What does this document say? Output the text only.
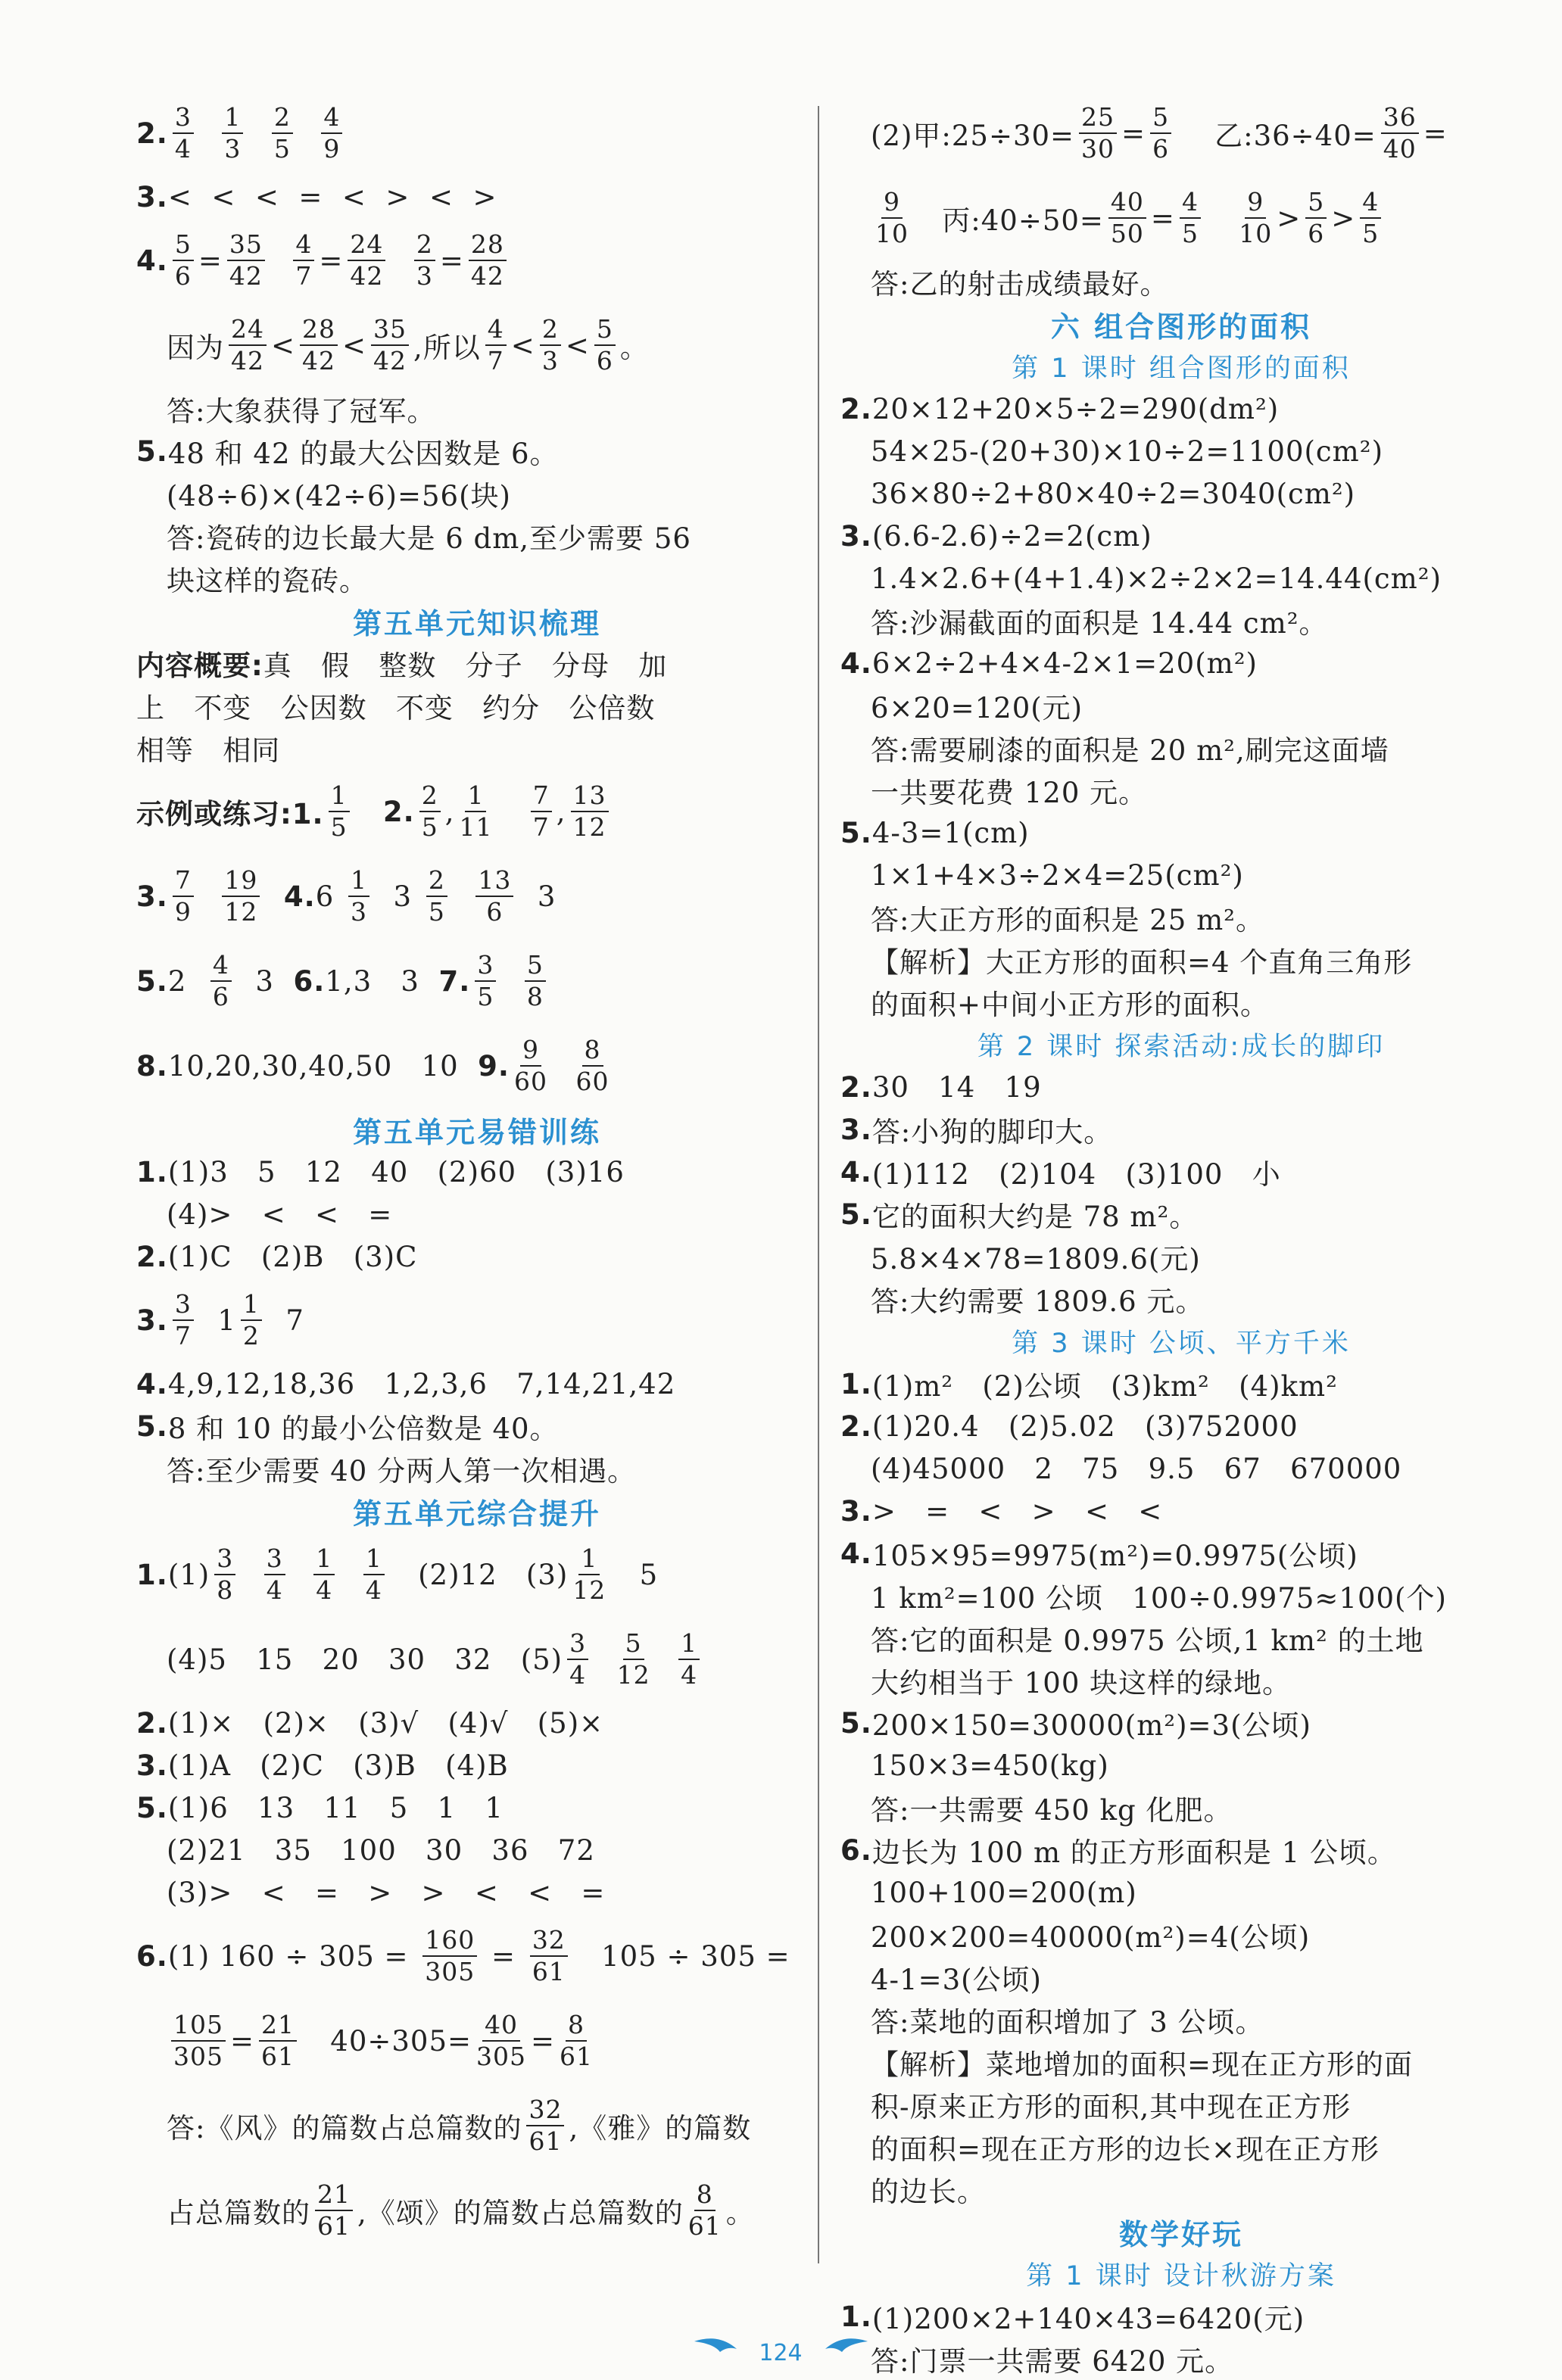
2. $\frac{3}{4}$
$\frac{1}{3}$
$\frac{2}{5}$
$\frac{4}{9}$
3. <  <  <  =  <  >  <  >
4. $\frac{5}{6} = \frac{35}{42}$
$\frac{4}{7} = \frac{24}{42}$
$\frac{2}{3} = \frac{28}{42}$
因为 $\frac{24}{42} < \frac{28}{42} < \frac{35}{42}$ ,所以 $\frac{4}{7} < \frac{2}{3} < \frac{5}{6}$ 。
答:大象获得了冠军。
5. 48 和 42 的最大公因数是 6。
(48÷6)×(42÷6)=56(块)
答:瓷砖的边长最大是 6 dm,至少需要 56
块这样的瓷砖。
第五单元知识梳理
内容概要: 真   假   整数   分子   分母   加
上   不变   公因数   不变   约分   公倍数
相等   相同
示例或练习:1. $\frac{1}{5}$
2. $\frac{2}{5}$ , $\frac{1}{11}$
$\frac{7}{7}$ , $\frac{13}{12}$
3. $\frac{7}{9}$
$\frac{19}{12}$
4. $6 \frac{1}{3} 3 \frac{2}{5}$
$\frac{13}{6} 3$
5. $2 \frac{4}{6} 3$ 6. 1,3   3 7. $\frac{3}{5}$
$\frac{5}{8}$
8. 10,20,30,40,50   10 9. $\frac{9}{60}$
$\frac{8}{60}$
第五单元易错训练
1. (1)3   5   12   40   (2)60   (3)16
(4)>   <   <   =
2. (1)C   (2)B   (3)C
3. $\frac{3}{7} 1 \frac{1}{2} 7$
4. 4,9,12,18,36   1,2,3,6   7,14,21,42
5. 8 和 10 的最小公倍数是 40。
答:至少需要 40 分两人第一次相遇。
第五单元综合提升
1. $(1) \frac{3}{8}$
$\frac{3}{4}$
$\frac{1}{4}$
$\frac{1}{4} (2)12$   $(3) \frac{1}{12} 5$
(4)5   15   20   30   32   $(5) \frac{3}{4}$
$\frac{5}{12}$
$\frac{1}{4}$
2. (1)×   (2)×   (3)√   (4)√   (5)×
3. (1)A   (2)C   (3)B   (4)B
5. (1)6   13   11   5   1   1
(2)21   35   100   30   36   72
(3)>   <   =   >   >   <   <   =
6. (1) $160 \div 305 = \frac{160}{305} = \frac{32}{61} 105 \div 305$ =
$\frac{105}{305} = \frac{21}{61} 40\div 305= \frac{40}{305} = \frac{8}{61}$
答:《风》的篇数占总篇数的 $\frac{32}{61}$ ,《雅》的篇数
占总篇数的 $\frac{21}{61}$ ,《颂》的篇数占总篇数的 $\frac{8}{61}$ 。
(2)甲:25÷30= $\frac{25}{30} = \frac{5}{6}$ 乙:36÷40= $\frac{36}{40}$ =
$\frac{9}{10}$ 丙:40÷50= $\frac{40}{50} = \frac{4}{5}$
$\frac{9}{10} > \frac{5}{6} > \frac{4}{5}$
答:乙的射击成绩最好。
六 组合图形的面积
第 1 课时 组合图形的面积
2. 20×12+20×5÷2=290(dm²)
54×25-(20+30)×10÷2=1100(cm²)
36×80÷2+80×40÷2=3040(cm²)
3. (6.6-2.6)÷2=2(cm)
1.4×2.6+(4+1.4)×2÷2×2=14.44(cm²)
答:沙漏截面的面积是 14.44 cm²。
4. 6×2÷2+4×4-2×1=20(m²)
6×20=120(元)
答:需要刷漆的面积是 20 m²,刷完这面墙
一共要花费 120 元。
5. 4-3=1(cm)
1×1+4×3÷2×4=25(cm²)
答:大正方形的面积是 25 m²。
【解析】大正方形的面积=4 个直角三角形
的面积+中间小正方形的面积。
第 2 课时 探索活动:成长的脚印
2. 30   14   19
3. 答:小狗的脚印大。
4. (1)112   (2)104   (3)100   小
5. 它的面积大约是 78 m²。
5.8×4×78=1809.6(元)
答:大约需要 1809.6 元。
第 3 课时 公顷、平方千米
1. (1)m²   (2)公顷   (3)km²   (4)km²
2. (1)20.4   (2)5.02   (3)752000
(4)45000   2   75   9.5   67   670000
3. >   =   <   >   <   <
4. 105×95=9975(m²)=0.9975(公顷)
1 km²=100 公顷   100÷0.9975≈100(个)
答:它的面积是 0.9975 公顷,1 km² 的土地
大约相当于 100 块这样的绿地。
5. 200×150=30000(m²)=3(公顷)
150×3=450(kg)
答:一共需要 450 kg 化肥。
6. 边长为 100 m 的正方形面积是 1 公顷。
100+100=200(m)
200×200=40000(m²)=4(公顷)
4-1=3(公顷)
答:菜地的面积增加了 3 公顷。
【解析】菜地增加的面积=现在正方形的面
积-原来正方形的面积,其中现在正方形
的面积=现在正方形的边长×现在正方形
的边长。
数学好玩
第 1 课时 设计秋游方案
1. (1)200×2+140×43=6420(元)
答:门票一共需要 6420 元。
124
